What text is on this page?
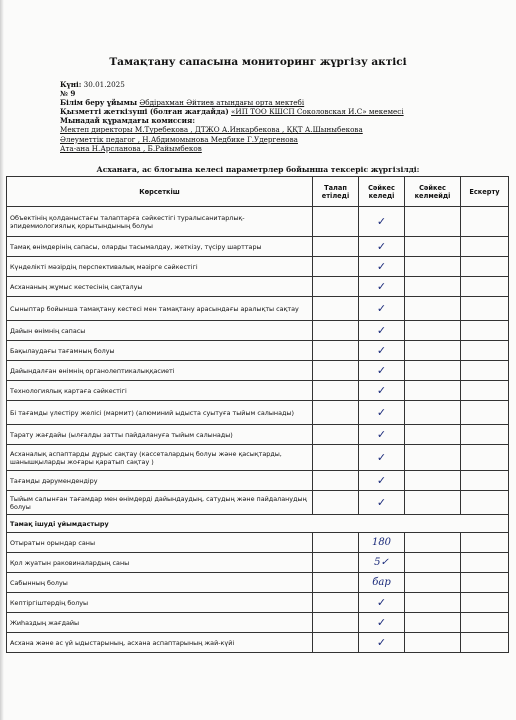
Тамақтану сапасына мониторинг жүргізу актісі
Күні: 30.01.2025
№ 9
Білім беру ұйымы Әбдірахман Әйтиев атындағы орта мектебі
Қызметті жеткізуші (болған жағдайда) «ИП ТОО КШСП Соколовская И.С» мекемесі
Мынадай құрамдағы комиссия:
Мектеп директоры М.Туребекова , ДТЖО А.Инкарбекова , ҚҚТ А.Шыныбекова
Әлеуметтік педагог , Н.Абдимомынова Медбике Г.Удергенова
Ата-ана Н.Арсланова , Б.Райымбеков
Асханаға, ас блогына келесі параметрлер бойынша тексеріс жүргізілді:
Көрсеткіш	Талап етіледі	Сәйкес келеді	Сәйкес келмейді	Ескерту
Объектінің қолданыстағы талаптарға сәйкестігі туралысанитарлық-эпидемиологиялық қорытындының болуы		✓		

Тамақ өнімдерінің сапасы, оларды тасымалдау, жеткізу, түсіру шарттары		✓		

Күнделікті мәзірдің перспективалық мәзірге сәйкестігі		✓		

Асхананың жұмыс кестесінің сақталуы		✓		

Сыныптар бойынша тамақтану кестесі мен тамақтану арасындағы аралықты сақтау		✓		

Дайын өнімнің сапасы		✓		

Бақылаудағы тағамның болуы		✓		

Дайындалған өнімнің органолептикалыққасиеті		✓		

Технологиялық картаға сәйкестігі		✓		

Бі тағамды үлестіру желісі (мармит) (алюминий ыдыста суытуға тыйым салынады)		✓		

Тарату жағдайы (ылғалды затты пайдалануға тыйым салынады)		✓		

Асханалық аспаптарды дұрыс сақтау (кассеталардың болуы және қасықтарды, шанышқыларды жоғары қаратып сақтау )		✓		

Тағамды дәрумендендіру		✓		

Тыйым салынған тағамдар мен өнімдерді дайындаудың, сатудың және пайдаланудың болуы		✓		

Тамақ ішуді ұйымдастыру				
Отыратын орындар саны		180		

Қол жуатын раковиналардың саны		5✓		

Сабынның болуы		бар		

Кептіргіштердің болуы		✓		

Жиһаздың жағдайы		✓		

Асхана және ас үй ыдыстарының, асхана аспаптарының жай-күйі		✓		
